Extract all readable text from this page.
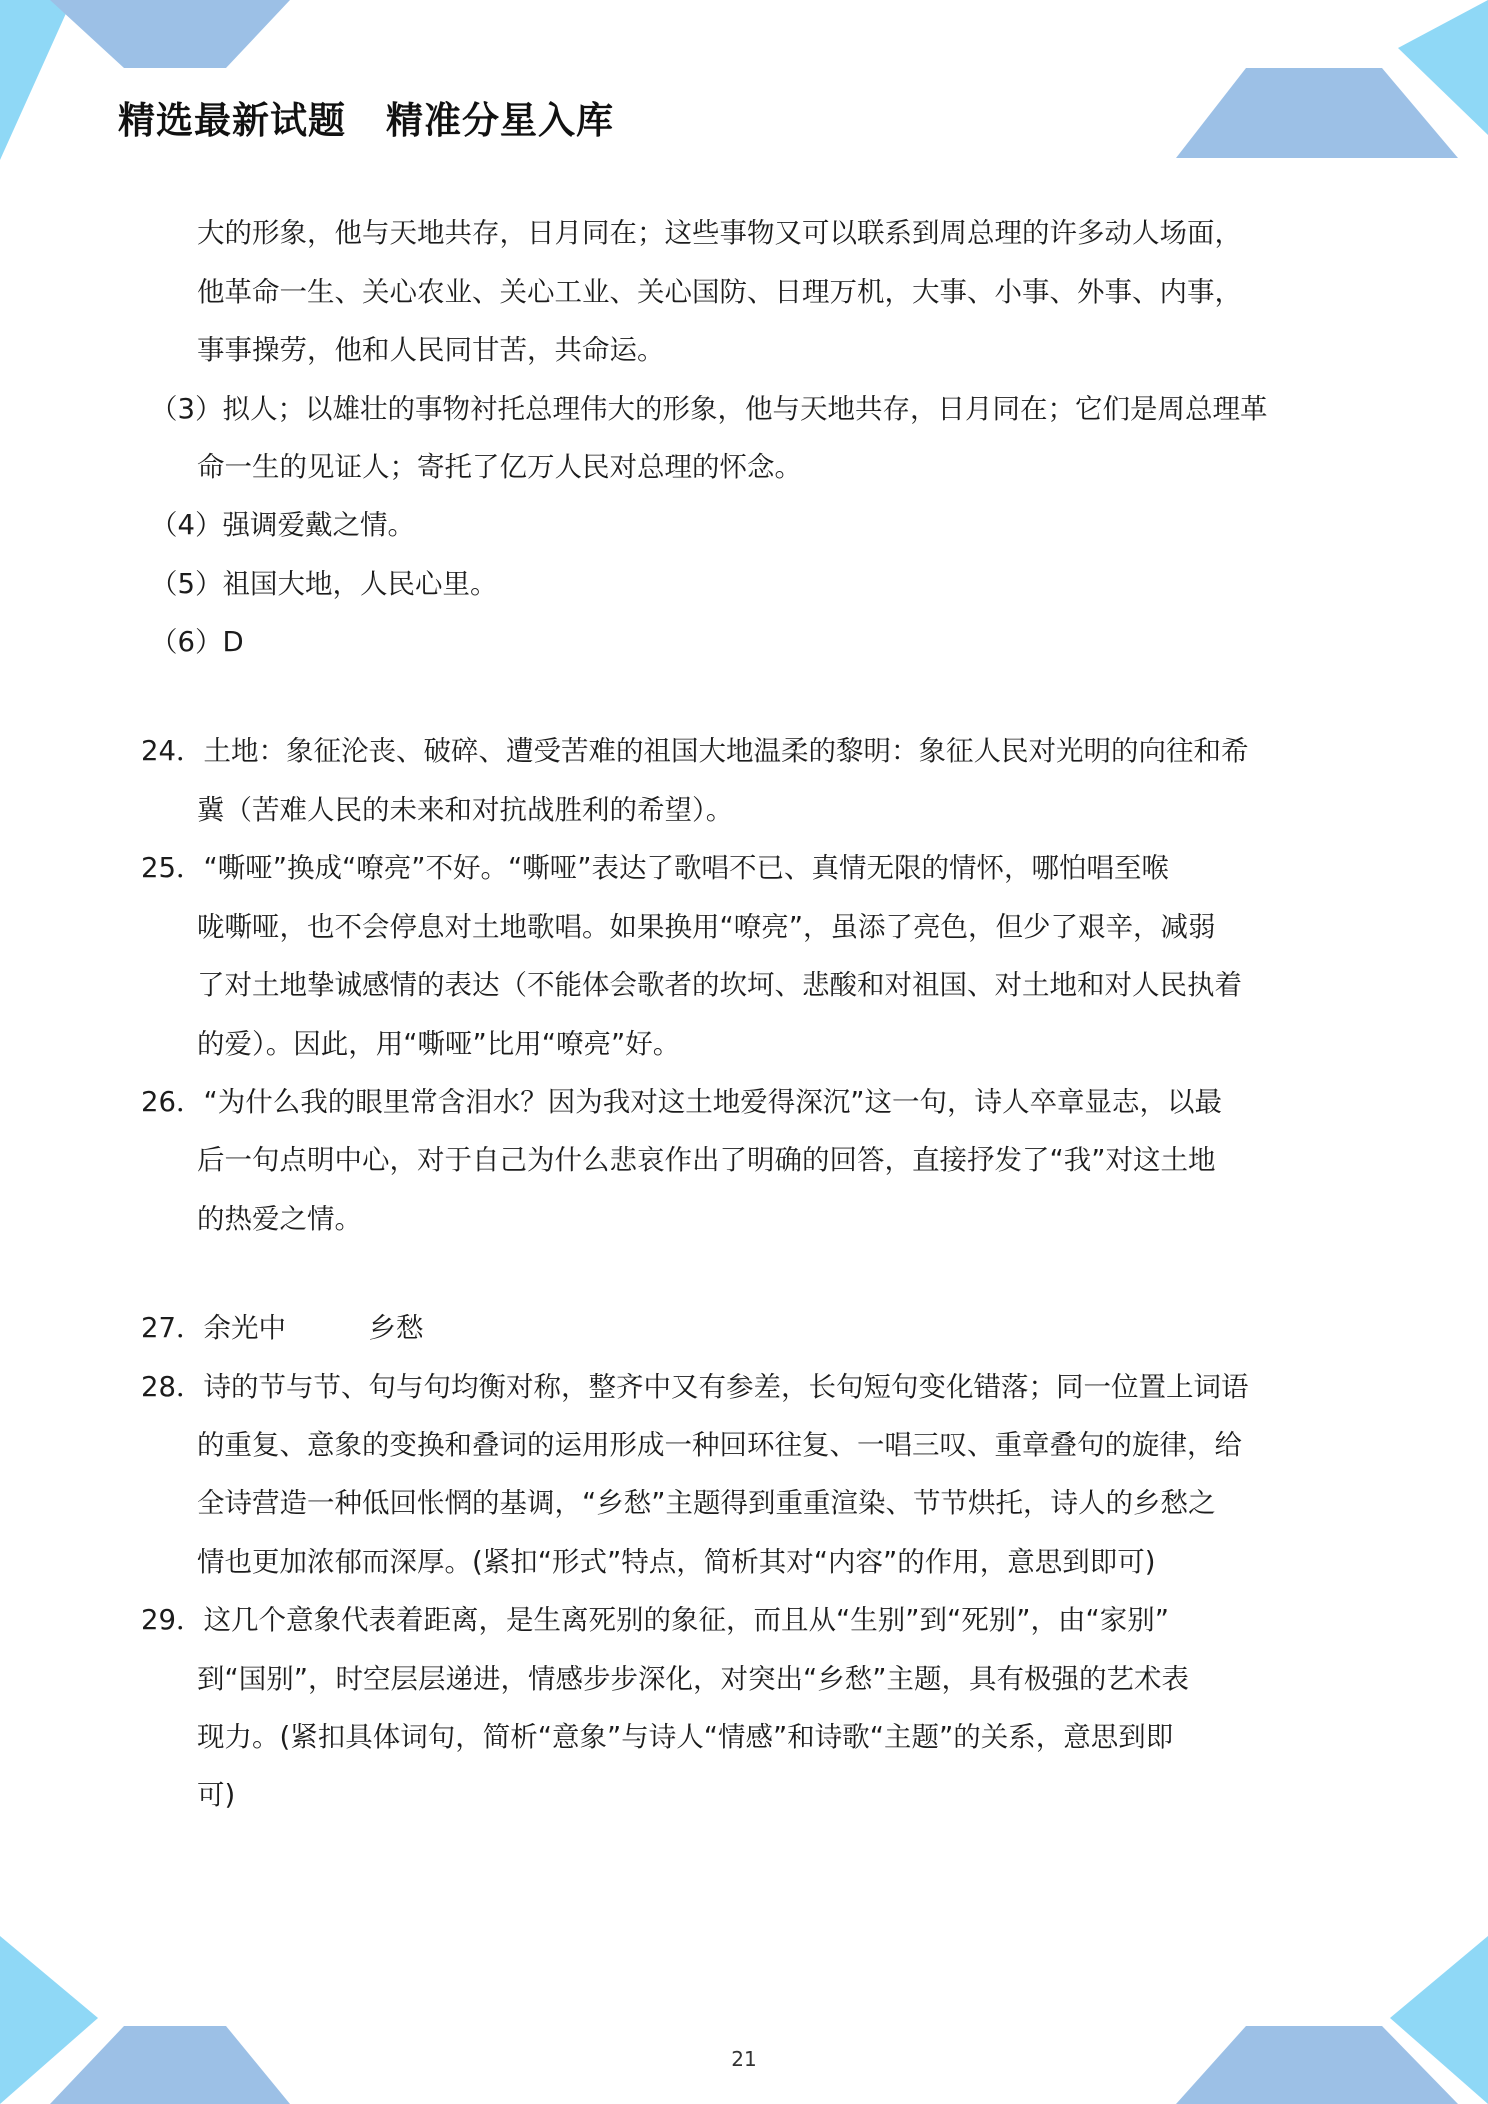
精选最新试题 精准分星入库
大的形象，他与天地共存，日月同在；这些事物又可以联系到周总理的许多动人场面，
他革命一生、关心农业、关心工业、关心国防、日理万机，大事、小事、外事、内事，
事事操劳，他和人民同甘苦，共命运。
（3）拟人；以雄壮的事物衬托总理伟大的形象，他与天地共存，日月同在；它们是周总理革
命一生的见证人；寄托了亿万人民对总理的怀念。
（4）强调爱戴之情。
（5）祖国大地，人民心里。
（6）D
24．土地：象征沦丧、破碎、遭受苦难的祖国大地温柔的黎明：象征人民对光明的向往和希
冀（苦难人民的未来和对抗战胜利的希望）。
25．“嘶哑”换成“嘹亮”不好。“嘶哑”表达了歌唱不已、真情无限的情怀，哪怕唱至喉
咙嘶哑，也不会停息对土地歌唱。如果换用“嘹亮”，虽添了亮色，但少了艰辛，减弱
了对土地挚诚感情的表达（不能体会歌者的坎坷、悲酸和对祖国、对土地和对人民执着
的爱）。因此，用“嘶哑”比用“嘹亮”好。
26．“为什么我的眼里常含泪水？因为我对这土地爱得深沉”这一句，诗人卒章显志，以最
后一句点明中心，对于自己为什么悲哀作出了明确的回答，直接抒发了“我”对这土地
的热爱之情。
27．余光中　　　乡愁
28．诗的节与节、句与句均衡对称，整齐中又有参差，长句短句变化错落；同一位置上词语
的重复、意象的变换和叠词的运用形成一种回环往复、一唱三叹、重章叠句的旋律，给
全诗营造一种低回怅惘的基调，“乡愁”主题得到重重渲染、节节烘托，诗人的乡愁之
情也更加浓郁而深厚。(紧扣“形式”特点，简析其对“内容”的作用，意思到即可)
29．这几个意象代表着距离，是生离死别的象征，而且从“生别”到“死别”，由“家别”
到“国别”，时空层层递进，情感步步深化，对突出“乡愁”主题，具有极强的艺术表
现力。(紧扣具体词句，简析“意象”与诗人“情感”和诗歌“主题”的关系，意思到即
可)
21
